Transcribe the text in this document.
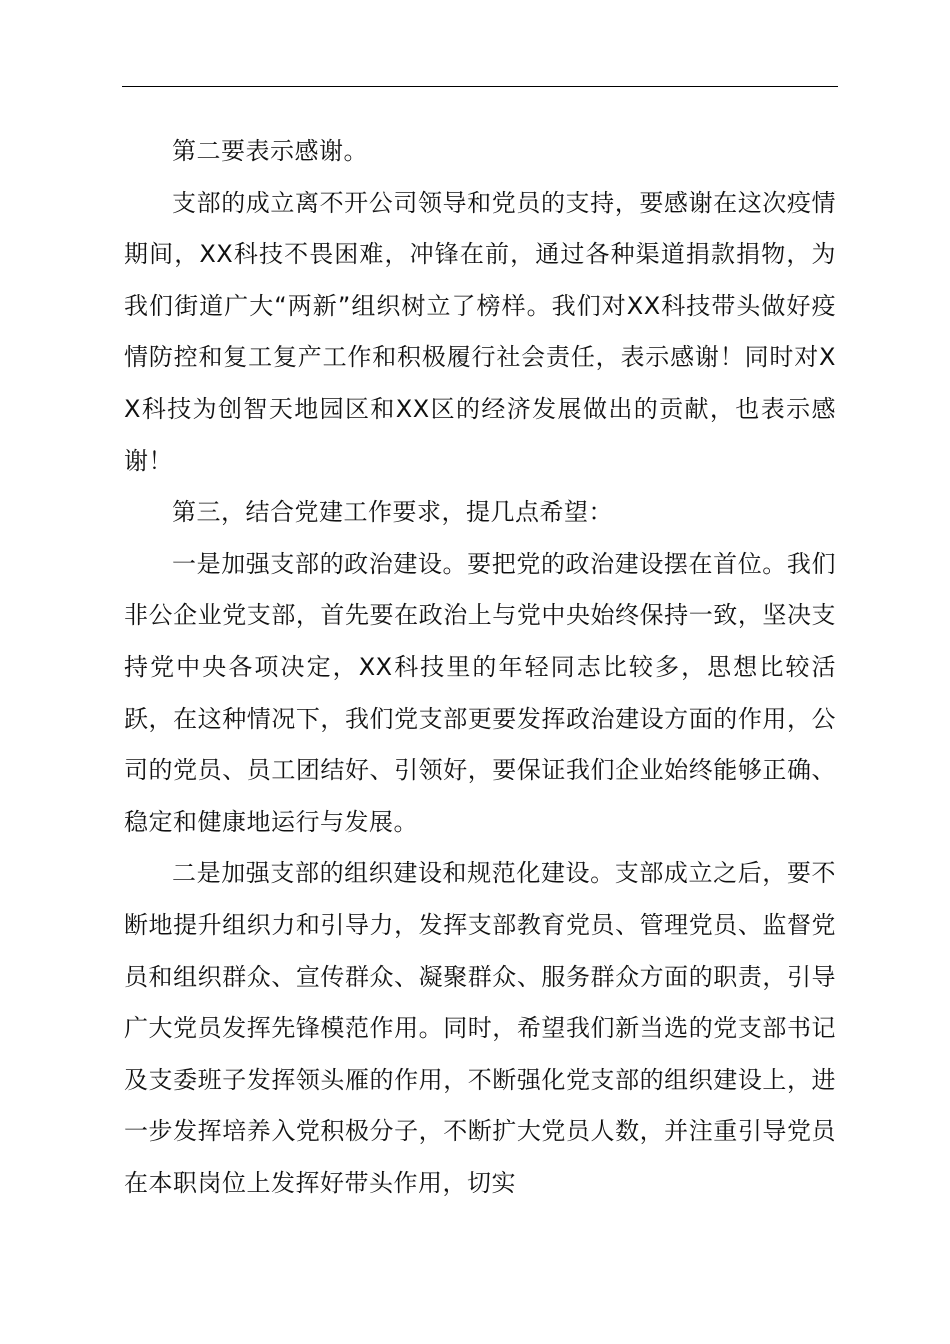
第二要表示感谢。

支部的成立离不开公司领导和党员的支持，要感谢在这次疫情期间，XX科技不畏困难，冲锋在前，通过各种渠道捐款捐物，为我们街道广大“两新”组织树立了榜样。我们对XX科技带头做好疫情防控和复工复产工作和积极履行社会责任，表示感谢！同时对XX科技为创智天地园区和XX区的经济发展做出的贡献，也表示感谢！

第三，结合党建工作要求，提几点希望：

一是加强支部的政治建设。要把党的政治建设摆在首位。我们非公企业党支部，首先要在政治上与党中央始终保持一致，坚决支持党中央各项决定，XX科技里的年轻同志比较多，思想比较活跃，在这种情况下，我们党支部更要发挥政治建设方面的作用，公司的党员、员工团结好、引领好，要保证我们企业始终能够正确、稳定和健康地运行与发展。

二是加强支部的组织建设和规范化建设。支部成立之后，要不断地提升组织力和引导力，发挥支部教育党员、管理党员、监督党员和组织群众、宣传群众、凝聚群众、服务群众方面的职责，引导广大党员发挥先锋模范作用。同时，希望我们新当选的党支部书记及支委班子发挥领头雁的作用，不断强化党支部的组织建设上，进一步发挥培养入党积极分子，不断扩大党员人数，并注重引导党员在本职岗位上发挥好带头作用，切实
